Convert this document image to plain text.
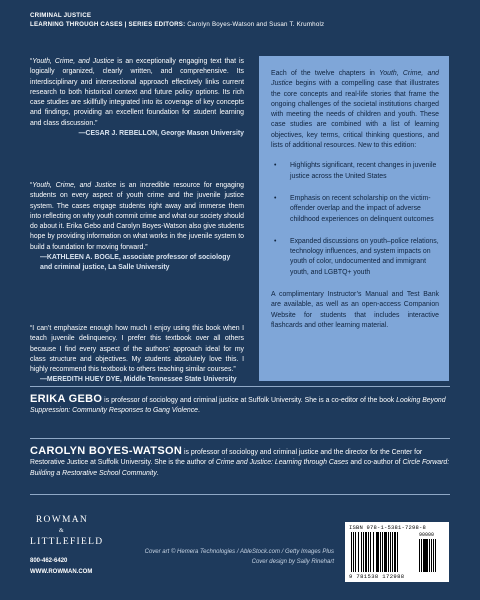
CRIMINAL JUSTICE
LEARNING THROUGH CASES | SERIES EDITORS: Carolyn Boyes-Watson and Susan T. Krumholz

“Youth, Crime, and Justice is an exceptionally engaging text that is logically organized, clearly written, and comprehensive. Its interdisciplinary and intersectional approach effectively links current research to both historical context and future policy options. Its rich case studies are skillfully integrated into its coverage of key concepts and findings, providing an excellent foundation for student learning and class discussion.”

—CESAR J. REBELLON, George Mason University

“Youth, Crime, and Justice is an incredible resource for engaging students on every aspect of youth crime and the juvenile justice system. The cases engage students right away and immerse them into reflecting on why youth commit crime and what our society should do about it. Erika Gebo and Carolyn Boyes-Watson also give students hope by providing information on what works in the juvenile system to build a foundation for moving forward.”

—KATHLEEN A. BOGLE, associate professor of sociology and criminal justice, La Salle University

“I can’t emphasize enough how much I enjoy using this book when I teach juvenile delinquency. I prefer this textbook over all others because I find every aspect of the authors’ approach ideal for my class structure and objectives. My students absolutely love this. I highly recommend this textbook to others teaching similar courses.”

—MEREDITH HUEY DYE, Middle Tennessee State University

Each of the twelve chapters in Youth, Crime, and Justice begins with a compelling case that illustrates the core concepts and real-life stories that frame the ongoing challenges of the societal institutions charged with meeting the needs of children and youth. These case studies are combined with a list of learning objectives, key terms, critical thinking questions, and lists of additional resources. New to this edition:

• Highlights significant, recent changes in juvenile justice across the United States
• Emphasis on recent scholarship on the victim-offender overlap and the impact of adverse childhood experiences on delinquent outcomes
• Expanded discussions on youth–police relations, technology influences, and system impacts on youth of color, undocumented and immigrant youth, and LGBTQ+ youth

A complimentary Instructor’s Manual and Test Bank are available, as well as an open-access Companion Website for students that includes interactive flashcards and other learning material.

ERIKA GEBO is professor of sociology and criminal justice at Suffolk University. She is a co-editor of the book Looking Beyond Suppression: Community Responses to Gang Violence.
CAROLYN BOYES-WATSON is professor of sociology and criminal justice and the director for the Center for Restorative Justice at Suffolk University. She is the author of Crime and Justice: Learning through Cases and co-author of Circle Forward: Building a Restorative School Community.
ROWMAN
&
LITTLEFIELD
800-462-6420
WWW.ROWMAN.COM
Cover art © Hemera Technologies / AbleStock.com / Getty Images Plus
Cover design by Sally Rinehart
ISBN 978-1-5381-7298-8
90000
9 781538 172988
